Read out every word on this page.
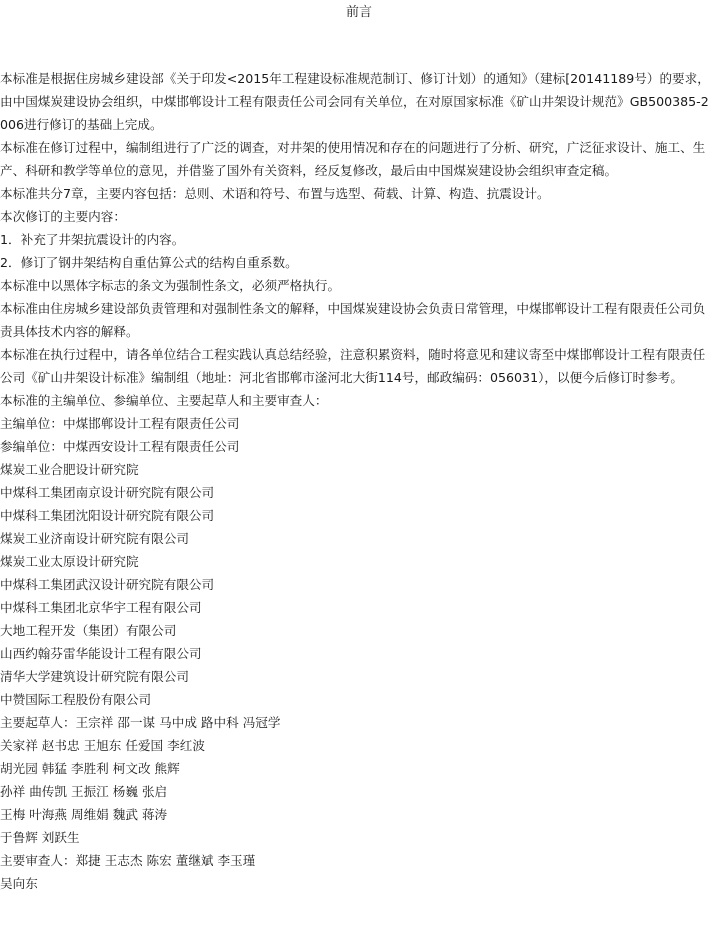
前言

本标准是根据住房城乡建设部《关于印发<2015年工程建设标准规范制订、修订计划）的通知》（建标[20141189号）的要求，由中国煤炭建设协会组织，中煤邯郸设计工程有限责任公司会同有关单位，在对原国家标准《矿山井架设计规范》GB500385-2006进行修订的基础上完成。

本标准在修订过程中，编制组进行了广泛的调查，对井架的使用情况和存在的问题进行了分析、研究，广泛征求设计、施工、生产、科研和教学等单位的意见，并借鉴了国外有关资料，经反复修改，最后由中国煤炭建设协会组织审查定稿。

本标准共分7章，主要内容包括：总则、术语和符号、布置与选型、荷载、计算、构造、抗震设计。

本次修订的主要内容：

1．补充了井架抗震设计的内容。

2．修订了钢井架结构自重估算公式的结构自重系数。

本标准中以黑体字标志的条文为强制性条文，必须严格执行。

本标准由住房城乡建设部负责管理和对强制性条文的解释，中国煤炭建设协会负责日常管理，中煤邯郸设计工程有限责任公司负责具体技术内容的解释。

本标准在执行过程中，请各单位结合工程实践认真总结经验，注意积累资料，随时将意见和建议寄至中煤邯郸设计工程有限责任公司《矿山井架设计标准》编制组（地址：河北省邯郸市滏河北大街114号，邮政编码：056031），以便今后修订时参考。

本标准的主编单位、参编单位、主要起草人和主要审查人：

主编单位：中煤邯郸设计工程有限责任公司

参编单位：中煤西安设计工程有限责任公司

煤炭工业合肥设计研究院

中煤科工集团南京设计研究院有限公司

中煤科工集团沈阳设计研究院有限公司

煤炭工业济南设计研究院有限公司

煤炭工业太原设计研究院

中煤科工集团武汉设计研究院有限公司

中煤科工集团北京华宇工程有限公司

大地工程开发（集团）有限公司

山西约翰芬雷华能设计工程有限公司

清华大学建筑设计研究院有限公司

中赞国际工程股份有限公司

主要起草人：王宗祥 邵一谋 马中成 路中科 冯冠学

关家祥 赵书忠 王旭东 任爱国 李红波

胡光园 韩猛 李胜利 柯文改 熊辉

孙祥 曲传凯 王振江 杨巍 张启

王梅 叶海燕 周维娟 魏武 蒋涛

于鲁辉 刘跃生

主要审查人：郑捷 王志杰 陈宏 董继斌 李玉瑾

吴向东
